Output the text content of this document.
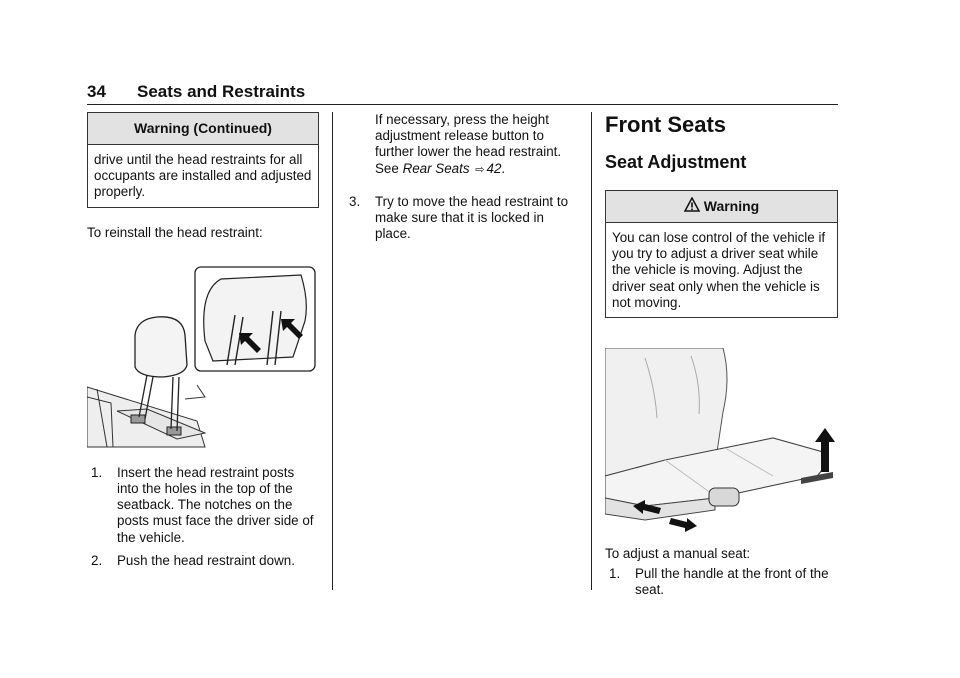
34 Seats and Restraints
Warning (Continued)
drive until the head restraints for all occupants are installed and adjusted properly.

To reinstall the head restraint:

1. Insert the head restraint posts into the holes in the top of the seatback. The notches on the posts must face the driver side of the vehicle.
2. Push the head restraint down.

If necessary, press the height adjustment release button to further lower the head restraint. See Rear Seats ⇨ 42.

3. Try to move the head restraint to make sure that it is locked in place.
Front Seats
Seat Adjustment
Warning
You can lose control of the vehicle if you try to adjust a driver seat while the vehicle is moving. Adjust the driver seat only when the vehicle is not moving.

To adjust a manual seat:

1. Pull the handle at the front of the seat.
